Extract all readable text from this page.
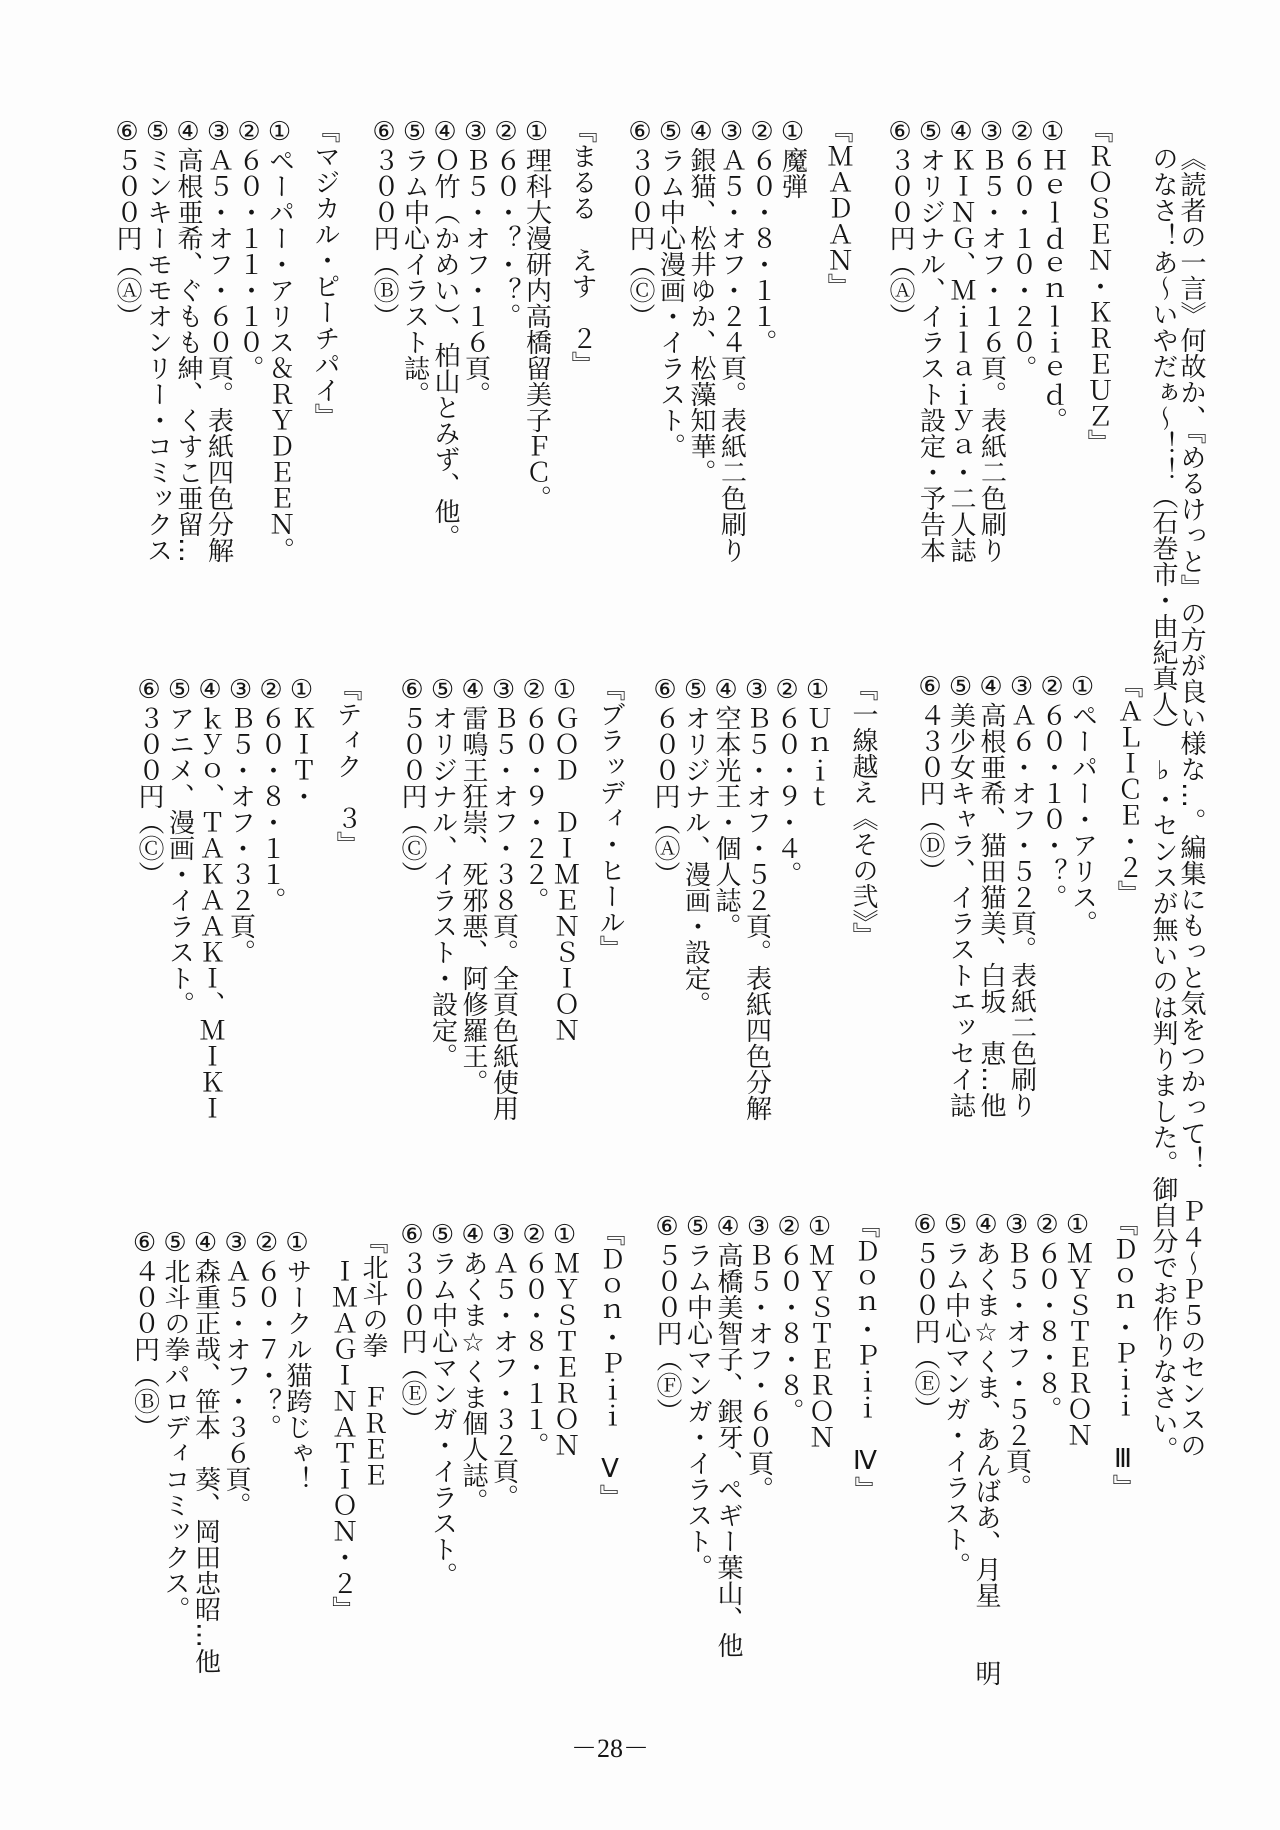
《読者の一言》何故か、『めるけっと』の方が良い様な…。編集にもっと気をつかって！　Ｐ４～Ｐ５のセンスの

のなさ！あ～いやだぁ～！！（石巻市・由紀真人）　♭・センスが無いのは判りました。御自分でお作りなさい。

『ＲＯＳＥＮ・ＫＲＥＵＺ』

①Ｈｅｌｄｅｎｌｉｅｄ。

②６０・１０・２０。

③Ｂ５・オフ・１６頁。表紙二色刷り

④ＫＩＮＧ、Ｍｉｌａｉｙａ・二人誌

⑤オリジナル、イラスト設定・予告本

⑥３００円（Ⓐ）

『ＭＡＤＡＮ』

①魔弾

②６０・８・１１。

③Ａ５・オフ・２４頁。表紙二色刷り

④銀猫、松井ゆか、松藻知華。

⑤ラム中心漫画・イラスト。

⑥３００円（Ⓒ）

『まるる　えす　２』

①理科大漫研内高橋留美子ＦＣ。

②６０・？・？。

③Ｂ５・オフ・１６頁。

④Ｏ竹（かめい）、柏山とみず、他。

⑤ラム中心イラスト誌。

⑥３００円（Ⓑ）

『マジカル・ピーチパイ』

①ペーパー・アリス＆ＲＹＤＥＥＮ。

②６０・１１・１０。

③Ａ５・オフ・６０頁。表紙四色分解

④高根亜希、ぐもも紳、くすこ亜留…

⑤ミンキーモモオンリー・コミックス

⑥５００円（Ⓐ）

『ＡＬＩＣＥ・２』

①ペーパー・アリス。

②６０・１０・？。

③Ａ６・オフ・５２頁。表紙二色刷り

④高根亜希、猫田猫美、白坂　恵…他

⑤美少女キャラ、イラストエッセイ誌

⑥４３０円（Ⓓ）

『一線越え《その弐》』

①Ｕｎｉｔ

②６０・９・４。

③Ｂ５・オフ・５２頁。表紙四色分解

④空本光王・個人誌。

⑤オリジナル、漫画・設定。

⑥６００円（Ⓐ）

『ブラッディ・ヒール』

①ＧＯＤ　ＤＩＭＥＮＳＩＯＮ

②６０・９・２２。

③Ｂ５・オフ・３８頁。全頁色紙使用

④雷鳴王狂崇、死邪悪、阿修羅王。

⑤オリジナル、イラスト・設定。

⑥５００円（Ⓒ）

『ティク　３』

①ＫＩＴ・

②６０・８・１１。

③Ｂ５・オフ・３２頁。

④ｋｙｏ、ＴＡＫＡＡＫＩ、ＭＩＫＩ

⑤アニメ、漫画・イラスト。

⑥３００円（Ⓒ）

『Ｄｏｎ・Ｐｉｉ　Ⅲ』

①ＭＹＳＴＥＲＯＮ

②６０・８・８。

③Ｂ５・オフ・５２頁。

④あくま☆くま、あんばあ、月星　　明

⑤ラム中心マンガ・イラスト。

⑥５００円（Ⓔ）

『Ｄｏｎ・Ｐｉｉ　Ⅳ』

①ＭＹＳＴＥＲＯＮ

②６０・８・８。

③Ｂ５・オフ・６０頁。

④高橋美智子、銀牙、ペギー葉山、他

⑤ラム中心マンガ・イラスト。

⑥５００円（Ⓕ）

『Ｄｏｎ・Ｐｉｉ　Ⅴ』

①ＭＹＳＴＥＲＯＮ

②６０・８・１１。

③Ａ５・オフ・３２頁。

④あくま☆くま個人誌。

⑤ラム中心マンガ・イラスト。

⑥３００円（Ⓔ）

『北斗の拳　ＦＲＥＥ

ＩＭＡＧＩＮＡＴＩＯＮ・２』

①サークル猫跨じゃ！

②６０・７・？。

③Ａ５・オフ・３６頁。

④森重正哉、笹本　葵、岡田忠昭…他

⑤北斗の拳パロディコミックス。

⑥４００円（Ⓑ）

－28－
